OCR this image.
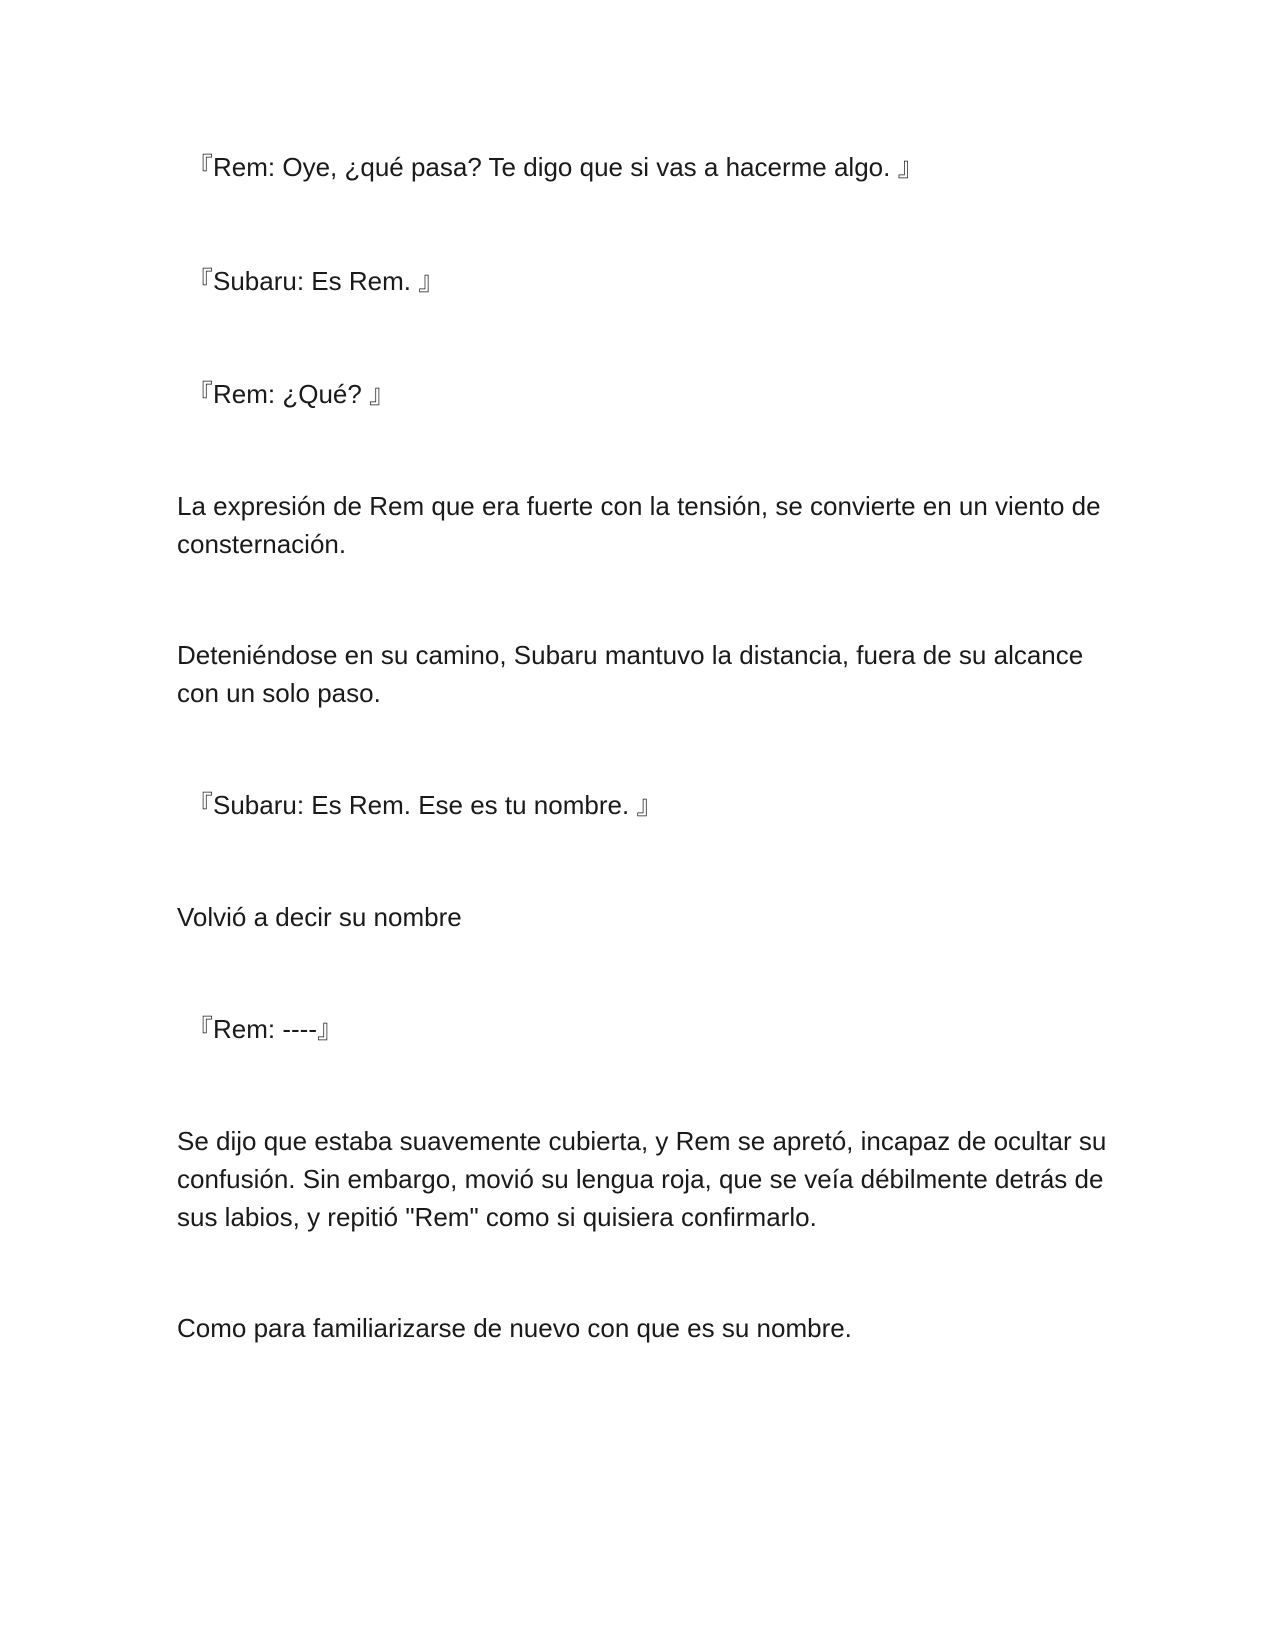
『Rem: Oye, ¿qué pasa? Te digo que si vas a hacerme algo. 』

『Subaru: Es Rem. 』

『Rem: ¿Qué? 』

La expresión de Rem que era fuerte con la tensión, se convierte en un viento de consternación.

Deteniéndose en su camino, Subaru mantuvo la distancia, fuera de su alcance con un solo paso.

『Subaru: Es Rem. Ese es tu nombre. 』

Volvió a decir su nombre

『Rem: ----』

Se dijo que estaba suavemente cubierta, y Rem se apretó, incapaz de ocultar su confusión. Sin embargo, movió su lengua roja, que se veía débilmente detrás de sus labios, y repitió "Rem" como si quisiera confirmarlo.

Como para familiarizarse de nuevo con que es su nombre.
